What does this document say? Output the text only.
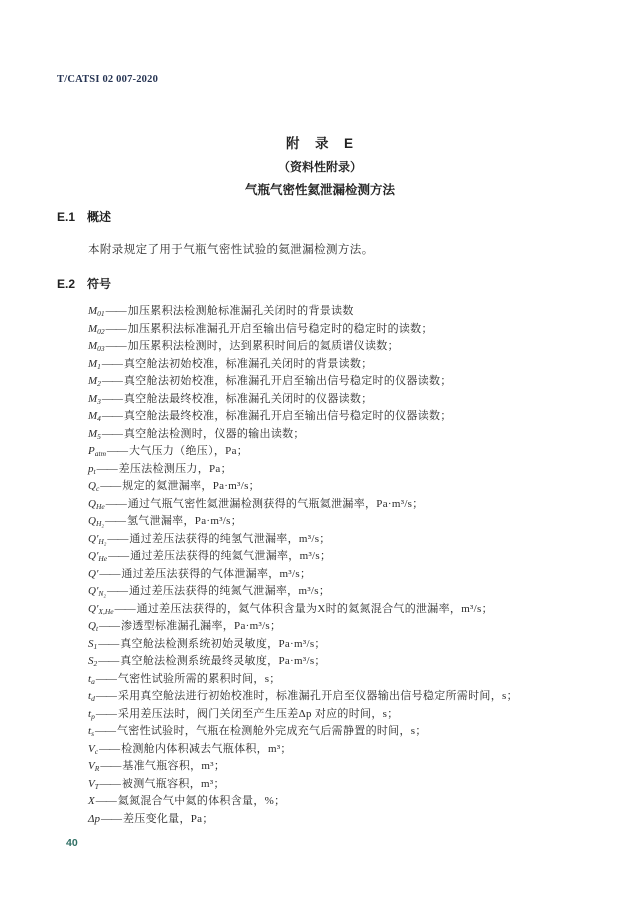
T/CATSI 02 007-2020
附　录　E
（资料性附录）
气瓶气密性氦泄漏检测方法
E.1　概述
本附录规定了用于气瓶气密性试验的氦泄漏检测方法。
E.2　符号
$M_{01}——$ 加压累积法检测舱标准漏孔关闭时的背景读数
$M_{02}——$ 加压累积法标准漏孔开启至输出信号稳定时的稳定时的读数；
$M_{03}——$ 加压累积法检测时，达到累积时间后的氦质谱仪读数；
$M_1——$ 真空舱法初始校准，标准漏孔关闭时的背景读数；
$M_2——$ 真空舱法初始校准，标准漏孔开启至输出信号稳定时的仪器读数；
$M_3——$ 真空舱法最终校准，标准漏孔关闭时的仪器读数；
$M_4——$ 真空舱法最终校准，标准漏孔开启至输出信号稳定时的仪器读数；
$M_5——$ 真空舱法检测时，仪器的输出读数；
$P_{atm}——$ 大气压力（绝压），Pa；
$p_t——$ 差压法检测压力，Pa；
$Q_c——$ 规定的氦泄漏率，Pa·m³/s；
$Q_{He}——$ 通过气瓶气密性氦泄漏检测获得的气瓶氦泄漏率，Pa·m³/s；
$Q_{H_2}——$ 氢气泄漏率，Pa·m³/s；
$Q'_{H_2}——$ 通过差压法获得的纯氢气泄漏率，m³/s；
$Q'_{He}——$ 通过差压法获得的纯氦气泄漏率，m³/s；
Q′—— 通过差压法获得的气体泄漏率，m³/s；
$Q'_{N_2}——$ 通过差压法获得的纯氮气泄漏率，m³/s；
$Q'_{X,He}——$ 通过差压法获得的，氦气体积含量为X时的氦氮混合气的泄漏率，m³/s；
$Q_t——$ 渗透型标准漏孔漏率，Pa·m³/s；
$S_1——$ 真空舱法检测系统初始灵敏度，Pa·m³/s；
$S_2——$ 真空舱法检测系统最终灵敏度，Pa·m³/s；
$t_a——$ 气密性试验所需的累积时间，s；
$t_d——$ 采用真空舱法进行初始校准时，标准漏孔开启至仪器输出信号稳定所需时间，s；
$t_p——$ 采用差压法时，阀门关闭至产生压差Δp 对应的时间，s；
$t_s——$ 气密性试验时，气瓶在检测舱外完成充气后需静置的时间，s；
$V_c——$ 检测舱内体积减去气瓶体积，m³；
$V_R——$ 基准气瓶容积，m³；
$V_T——$ 被测气瓶容积，m³；
X—— 氦氮混合气中氦的体积含量，%；
Δp—— 差压变化量，Pa；
40
